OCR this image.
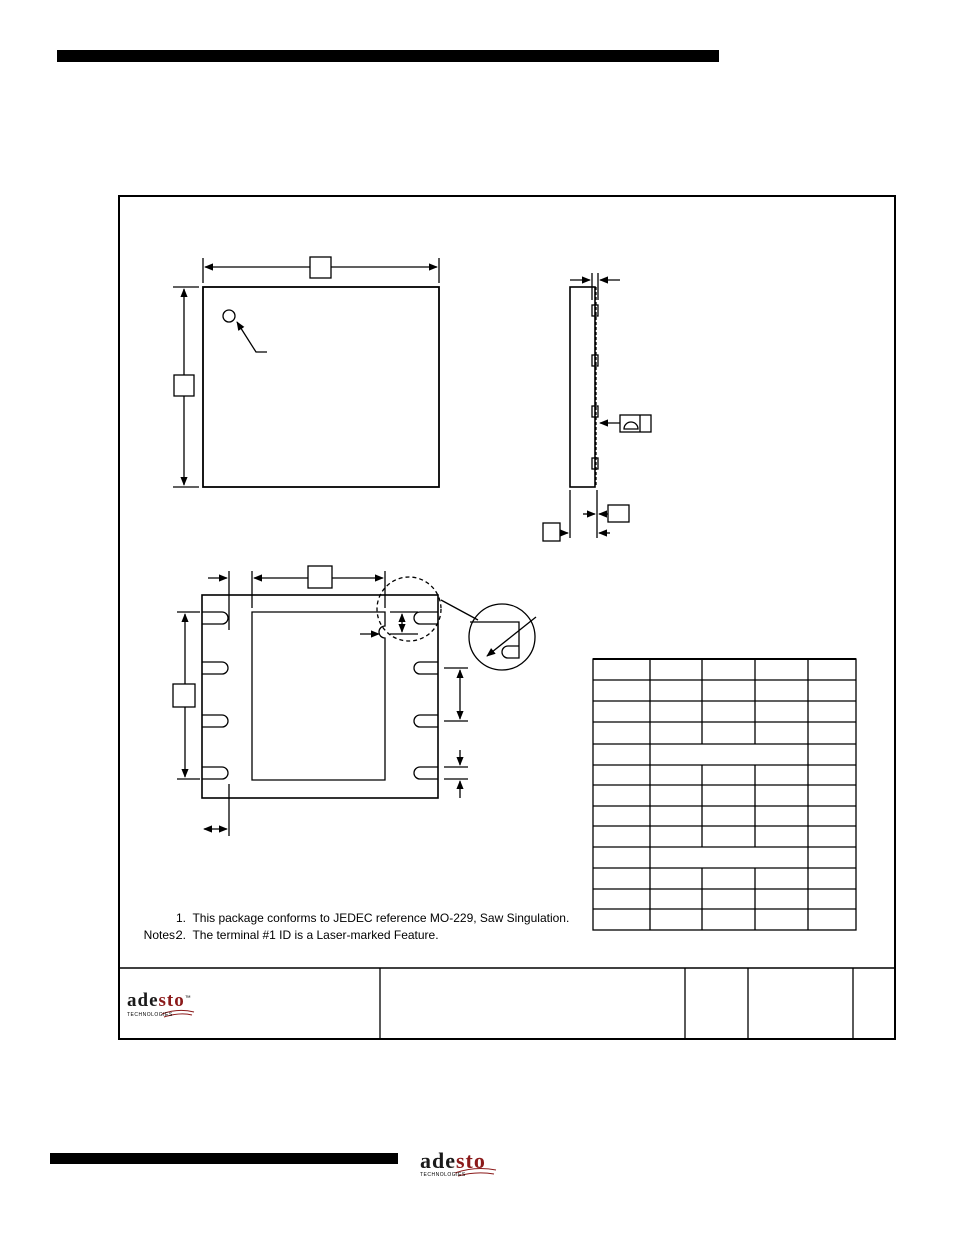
Notes:

1.  This package conforms to JEDEC reference MO-229, Saw Singulation.
2.  The terminal #1 ID is a Laser-marked Feature.
adesto™
TECHNOLOGIES
adesto
TECHNOLOGIES
